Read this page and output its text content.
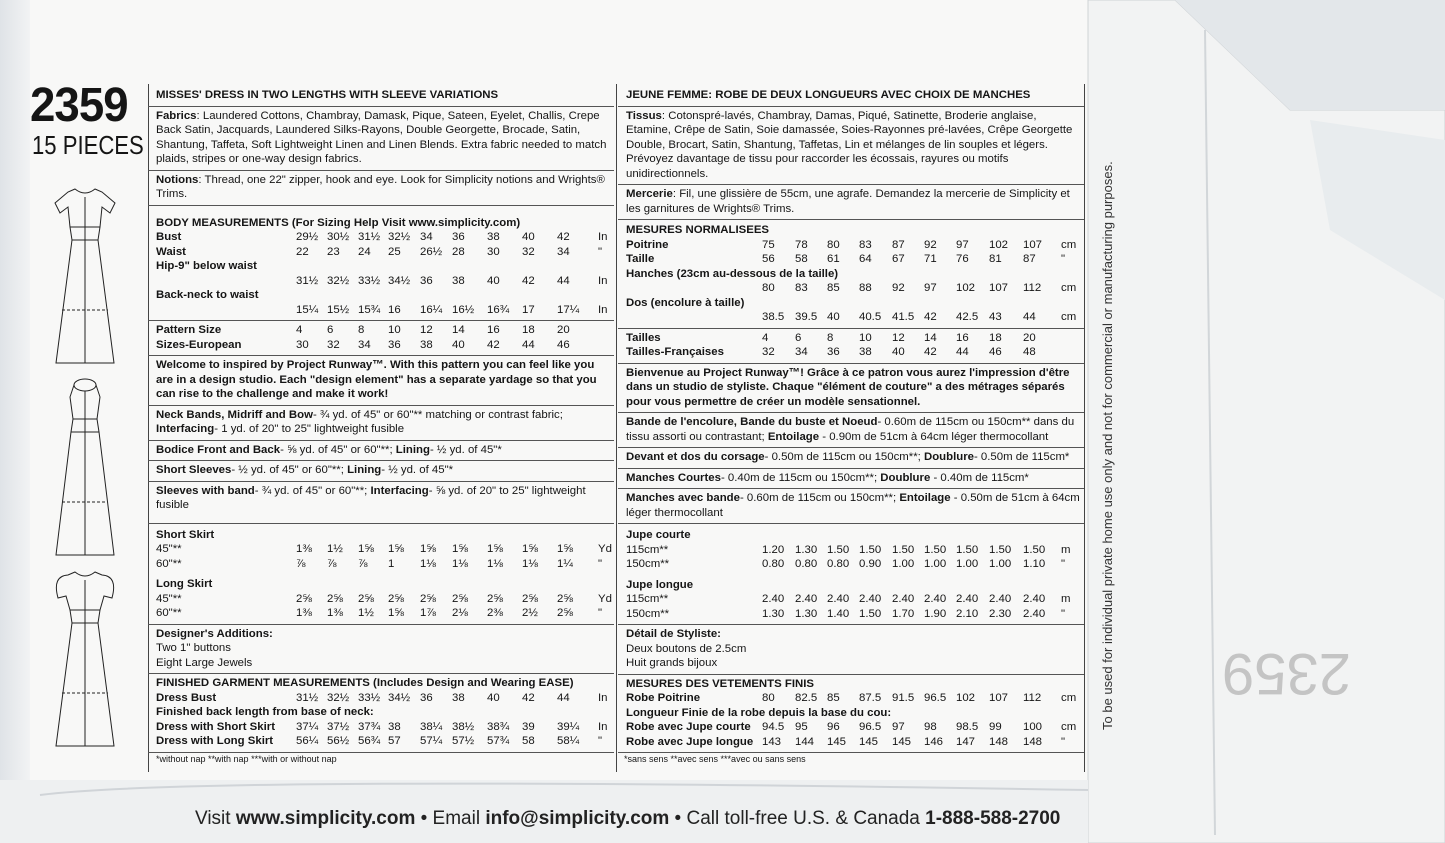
2359
2359
15 PIECES
MISSES' DRESS IN TWO LENGTHS WITH SLEEVE VARIATIONS
Fabrics: Laundered Cottons, Chambray, Damask, Pique, Sateen, Eyelet, Challis, Crepe Back Satin, Jacquards, Laundered Silks-Rayons, Double Georgette, Brocade, Satin, Shantung, Taffeta, Soft Lightweight Linen and Linen Blends. Extra fabric needed to match plaids, stripes or one-way design fabrics.
Notions: Thread, one 22" zipper, hook and eye. Look for Simplicity notions and Wrights® Trims.
BODY MEASUREMENTS (For Sizing Help Visit www.simplicity.com)
Bust	29½ 30½ 31½ 32½ 34 36 38 40 42 In
Waist	22 23 24 25 26½ 28 30 32 34 "
Hip-9" below waist
31½ 32½ 33½ 34½ 36 38 40 42 44 In
Back-neck to waist
15¼ 15½ 15¾ 16 16¼ 16½ 16¾ 17 17¼ In
Pattern Size	4 6 8 10 12 14 16 18 20
Sizes-European	30 32 34 36 38 40 42 44 46
Welcome to inspired by Project Runway™. With this pattern you can feel like you are in a design studio. Each "design element" has a separate yardage so that you can rise to the challenge and make it work!
Neck Bands, Midriff and Bow- ¾ yd. of 45" or 60"** matching or contrast fabric; Interfacing- 1 yd. of 20" to 25" lightweight fusible
Bodice Front and Back- ⅝ yd. of 45" or 60"**; Lining- ½ yd. of 45"*
Short Sleeves- ½ yd. of 45" or 60"**; Lining- ½ yd. of 45"*
Sleeves with band- ¾ yd. of 45" or 60"**; Interfacing- ⅝ yd. of 20" to 25" lightweight fusible
Short Skirt
45"**	1⅜ 1½ 1⅝ 1⅝ 1⅝ 1⅝ 1⅝ 1⅝ 1⅝ Yd
60"**	⅞ ⅞ ⅞ 1 1⅛ 1⅛ 1⅛ 1⅛ 1¼ "
Long Skirt
45"**	2⅝ 2⅝ 2⅝ 2⅝ 2⅝ 2⅝ 2⅝ 2⅝ 2⅝ Yd
60"**	1⅜ 1⅜ 1½ 1⅝ 1⅞ 2⅛ 2⅜ 2½ 2⅝ "
Designer's Additions:
Two 1" buttons
Eight Large Jewels
FINISHED GARMENT MEASUREMENTS (Includes Design and Wearing EASE)
Dress Bust	31½ 32½ 33½ 34½ 36 38 40 42 44 In
Finished back length from base of neck:
Dress with Short Skirt 37¼ 37½ 37¾ 38 38¼ 38½ 38¾ 39 39¼ In
Dress with Long Skirt 56¼ 56½ 56¾ 57 57¼ 57½ 57¾ 58 58¼ "
*without nap **with nap ***with or without nap
JEUNE FEMME: ROBE DE DEUX LONGUEURS AVEC CHOIX DE MANCHES
Tissus: Cotonspré-lavés, Chambray, Damas, Piqué, Satinette, Broderie anglaise, Etamine, Crêpe de Satin, Soie damassée, Soies-Rayonnes pré-lavées, Crêpe Georgette Double, Brocart, Satin, Shantung, Taffetas, Lin et mélanges de lin souples et légers. Prévoyez davantage de tissu pour raccorder les écossais, rayures ou motifs unidirectionnels.
Mercerie: Fil, une glissière de 55cm, une agrafe. Demandez la mercerie de Simplicity et les garnitures de Wrights® Trims.
MESURES NORMALISEES
Poitrine	75 78 80 83 87 92 97 102 107 cm
Taille	56 58 61 64 67 71 76 81 87 "
Hanches (23cm au-dessous de la taille)
80 83 85 88 92 97 102 107 112 cm
Dos (encolure à taille)
38.5 39.5 40 40.5 41.5 42 42.5 43 44 cm
Tailles	4 6 8 10 12 14 16 18 20
Tailles-Françaises	32 34 36 38 40 42 44 46 48
Bienvenue au Project Runway™! Grâce à ce patron vous aurez l'impression d'être dans un studio de styliste. Chaque "élément de couture" a des métrages séparés pour vous permettre de créer un modèle sensationnel.
Bande de l'encolure, Bande du buste et Noeud- 0.60m de 115cm ou 150cm** dans du tissu assorti ou contrastant; Entoilage - 0.90m de 51cm à 64cm léger thermocollant
Devant et dos du corsage- 0.50m de 115cm ou 150cm**; Doublure- 0.50m de 115cm*
Manches Courtes- 0.40m de 115cm ou 150cm**; Doublure - 0.40m de 115cm*
Manches avec bande- 0.60m de 115cm ou 150cm**; Entoilage - 0.50m de 51cm à 64cm léger thermocollant
Jupe courte
115cm**	1.20 1.30 1.50 1.50 1.50 1.50 1.50 1.50 1.50 m
150cm**	0.80 0.80 0.80 0.90 1.00 1.00 1.00 1.00 1.10 "
Jupe longue
115cm**	2.40 2.40 2.40 2.40 2.40 2.40 2.40 2.40 2.40 m
150cm**	1.30 1.30 1.40 1.50 1.70 1.90 2.10 2.30 2.40 "
Détail de Styliste:
Deux boutons de 2.5cm
Huit grands bijoux
MESURES DES VETEMENTS FINIS
Robe Poitrine	80 82.5 85 87.5 91.5 96.5 102 107 112 cm
Longueur Finie de la robe depuis la base du cou:
Robe avec Jupe courte 94.5 95 96 96.5 97 98 98.5 99 100 cm
Robe avec Jupe longue 143 144 145 145 145 146 147 148 148 "
*sans sens **avec sens ***avec ou sans sens
Visit www.simplicity.com • Email info@simplicity.com • Call toll-free U.S. & Canada 1-888-588-2700
To be used for individual private home use only and not for commercial or manufacturing purposes.
